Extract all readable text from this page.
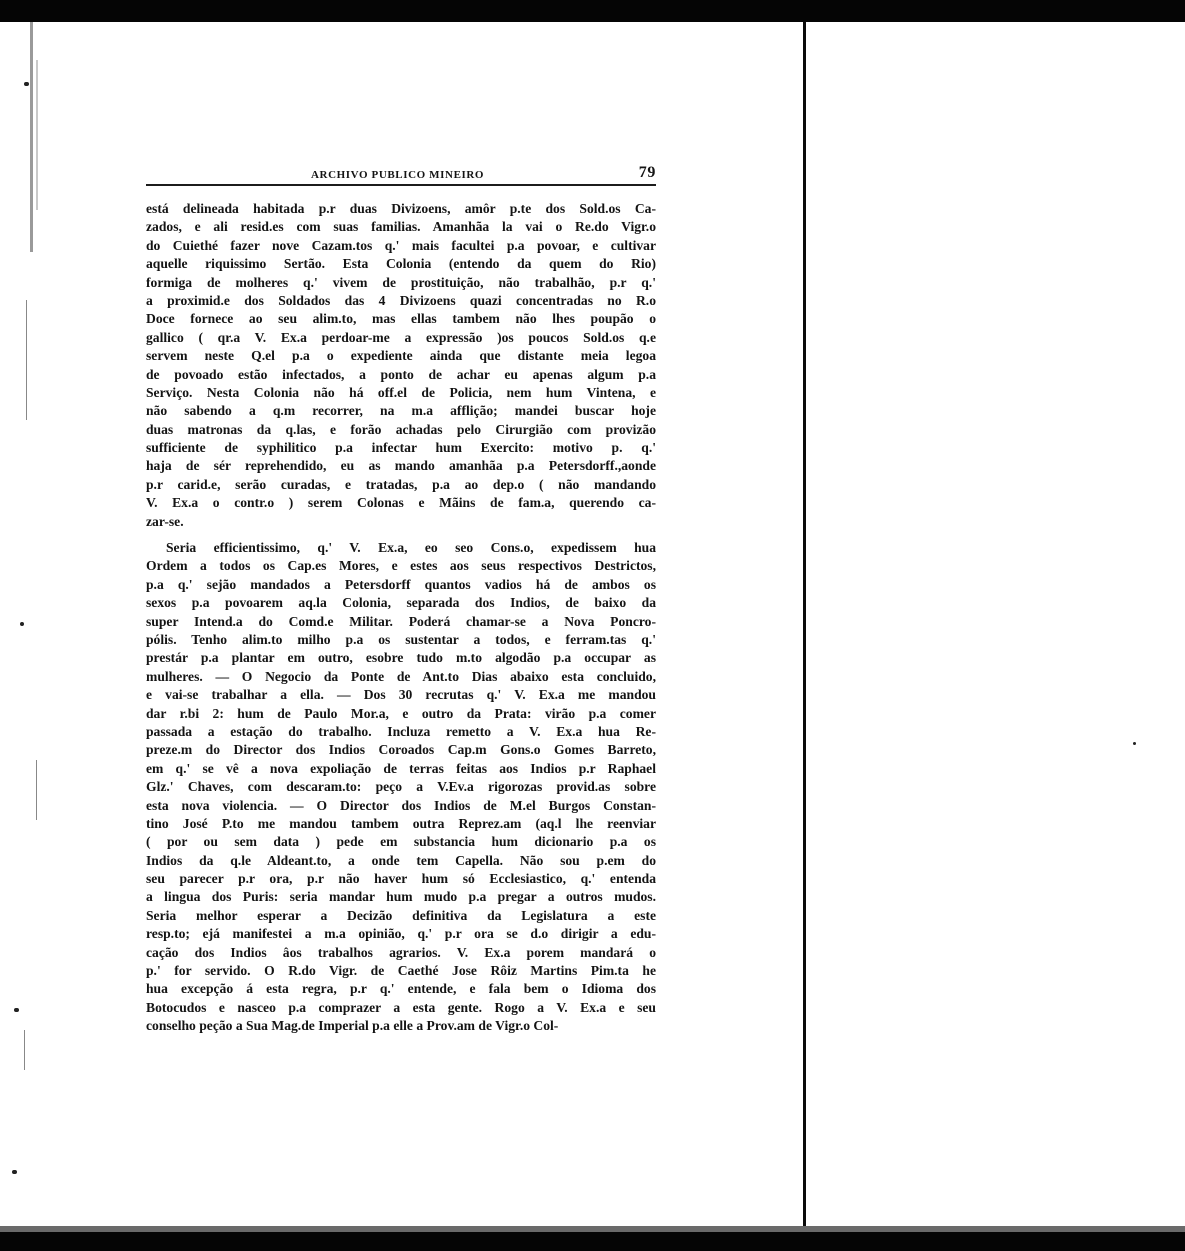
ARCHIVO PUBLICO MINEIRO	79
está delineada habitada p.r duas Divizoens, amôr p.te dos Sold.os Ca-
zados, e ali resid.es com suas familias. Amanhãa la vai o Re.do Vigr.o
do Cuiethé fazer nove Cazam.tos q.' mais facultei p.a povoar, e cultivar
aquelle riquissimo Sertão. Esta Colonia (entendo da quem do Rio)
formiga de molheres q.' vivem de prostituição, não trabalhão, p.r q.'
a proximid.e dos Soldados das 4 Divizoens quazi concentradas no R.o
Doce fornece ao seu alim.to, mas ellas tambem não lhes poupão o
gallico ( qr.a V. Ex.a perdoar-me a expressão )os poucos Sold.os q.e
servem neste Q.el p.a o expediente ainda que distante meia legoa
de povoado estão infectados, a ponto de achar eu apenas algum p.a
Serviço. Nesta Colonia não há off.el de Policia, nem hum Vintena, e
não sabendo a q.m recorrer, na m.a afflição; mandei buscar hoje
duas matronas da q.las, e forão achadas pelo Cirurgião com provizão
sufficiente de syphilitico p.a infectar hum Exercito: motivo p. q.'
haja de sér reprehendido, eu as mando amanhãa p.a Petersdorff.,aonde
p.r carid.e, serão curadas, e tratadas, p.a ao dep.o ( não mandando
V. Ex.a o contr.o ) serem Colonas e Mãins de fam.a, querendo ca-
zar-se.
Seria efficientissimo, q.' V. Ex.a, eo seo Cons.o, expedissem hua
Ordem a todos os Cap.es Mores, e estes aos seus respectivos Destrictos,
p.a q.' sejão mandados a Petersdorff quantos vadios há de ambos os
sexos p.a povoarem aq.la Colonia, separada dos Indios, de baixo da
super Intend.a do Comd.e Militar. Poderá chamar-se a Nova Poncro-
pólis. Tenho alim.to milho p.a os sustentar a todos, e ferram.tas q.'
prestár p.a plantar em outro, esobre tudo m.to algodão p.a occupar as
mulheres. — O Negocio da Ponte de Ant.to Dias abaixo esta concluido,
e vai-se trabalhar a ella. — Dos 30 recrutas q.' V. Ex.a me mandou
dar r.bi 2: hum de Paulo Mor.a, e outro da Prata: virão p.a comer
passada a estação do trabalho. Incluza remetto a V. Ex.a hua Re-
preze.m do Director dos Indios Coroados Cap.m Gons.o Gomes Barreto,
em q.' se vê a nova expoliação de terras feitas aos Indios p.r Raphael
Glz.' Chaves, com descaram.to: peço a V.Ev.a rigorozas provid.as sobre
esta nova violencia. — O Director dos Indios de M.el Burgos Constan-
tino José P.to me mandou tambem outra Reprez.am (aq.l lhe reenviar
( por ou sem data ) pede em substancia hum dicionario p.a os
Indios da q.le Aldeant.to, a onde tem Capella. Não sou p.em do
seu parecer p.r ora, p.r não haver hum só Ecclesiastico, q.' entenda
a lingua dos Puris: seria mandar hum mudo p.a pregar a outros mudos.
Seria melhor esperar a Decizão definitiva da Legislatura a este
resp.to; ejá manifestei a m.a opinião, q.' p.r ora se d.o dirigir a edu-
cação dos Indios âos trabalhos agrarios. V. Ex.a porem mandará o
p.' for servido. O R.do Vigr. de Caethé Jose Rôiz Martins Pim.ta he
hua excepção á esta regra, p.r q.' entende, e fala bem o Idioma dos
Botocudos e nasceo p.a comprazer a esta gente. Rogo a V. Ex.a e seu
conselho peção a Sua Mag.de Imperial p.a elle a Prov.am de Vigr.o Col-
